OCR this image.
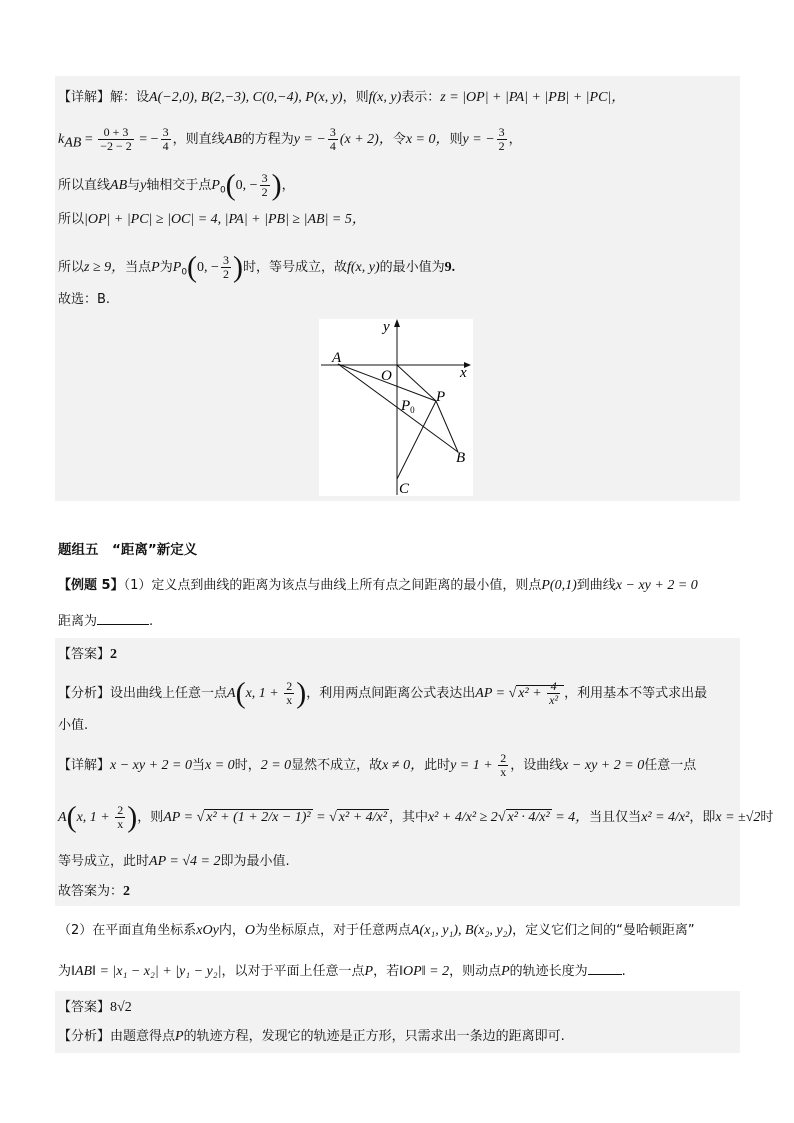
【详解】解：设A(−2,0), B(2,−3), C(0,−4), P(x, y)，则f(x, y)表示：z = |OP| + |PA| + |PB| + |PC|，
$k_{AB} = \frac{0 + 3}{-2 - 2}$ = − $\frac{3}{4}$ ，则直线AB的方程为y = − $\frac{3}{4} (x + 2)$，令x = 0，则y = − $\frac{3}{2}$ ，
所以直线AB与y轴相交于点$P_0(0$, − $\frac{3}{2}$ )，
所以|OP| + |PC| ≥ |OC| = 4, |PA| + |PB| ≥ |AB| = 5，
所以z ≥ 9，当点P为$P_0(0$, − $\frac{3}{2}$ )时，等号成立，故f(x, y)的最小值为9.
故选：B.
y
x
A
O
P
$P_0$
B
C
题组五　“距离”新定义
【例题 5】（1）定义点到曲线的距离为该点与曲线上所有点之间距离的最小值，则点P(0,1)到曲线x − xy + 2 = 0
距离为	.
【答案】2
【分析】设出曲线上任意一点A(x, $1 + \frac{2}{x}$ )，利用两点间距离公式表达出AP = √ $x^2 + \frac{4}{\text{x²}}$ ，利用基本不等式求出最
小值.
【详解】x − xy + 2 = 0当x = 0时，2 = 0显然不成立，故x ≠ 0，此时$y = 1 + \frac{2}{x}$ ，设曲线x − xy + 2 = 0任意一点
A(x, $1 + \frac{2}{x}$ )，则AP = √ x² + (1 + 2/x − 1)² = √ x² + 4/x² ，其中x² + 4/x² ≥ 2√ x² · 4/x² = 4，当且仅当x² = 4/x²，即x = ±√2时
等号成立，此时AP = √4 = 2即为最小值.
故答案为：2
（2）在平面直角坐标系xOy内，O为坐标原点，对于任意两点A(x₁, y₁), B(x₂, y₂)，定义它们之间的“曼哈顿距离”
为‖AB‖ = |x₁ − x₂| + |y₁ − y₂|，以对于平面上任意一点P，若‖OP‖ = 2，则动点P的轨迹长度为	.
【答案】8√2
【分析】由题意得点P的轨迹方程，发现它的轨迹是正方形，只需求出一条边的距离即可.
